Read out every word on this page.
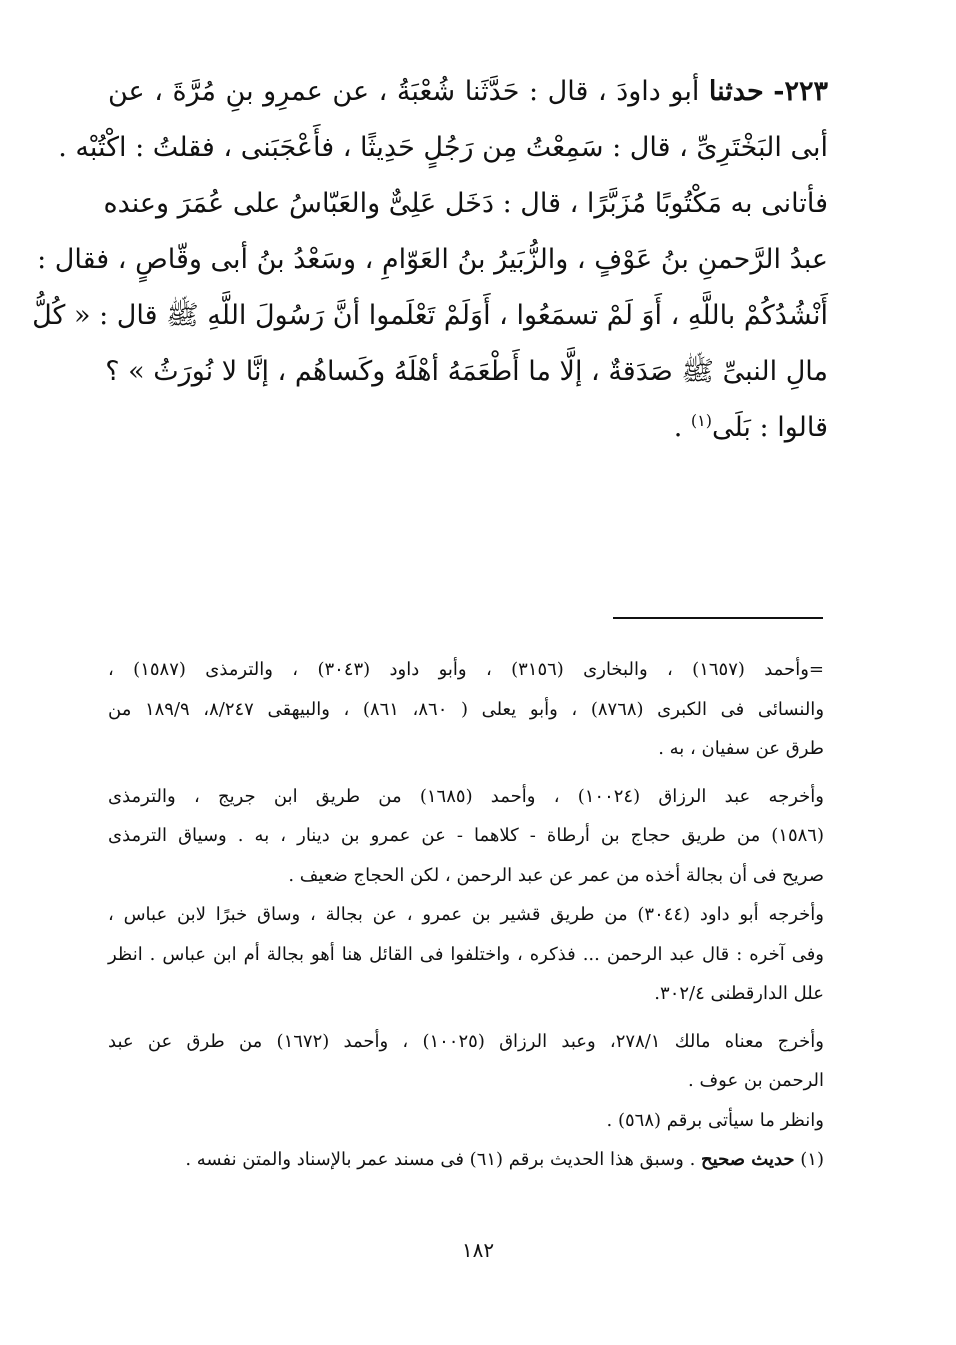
٢٢٣- حدثنا أبو داودَ ، قال : حَدَّثَنا شُعْبَةُ ، عن عمرِو بنِ مُرَّةَ ، عن
أبى البَخْتَرِىِّ ، قال : سَمِعْتُ مِن رَجُلٍ حَدِيثًا ، فأَعْجَبَنى ، فقلتُ : اكْتُبْه .
فأتانى به مَكْتُوبًا مُزَبَّرًا ، قال : دَخَل عَلِىٌّ والعَبّاسُ على عُمَرَ وعنده
عبدُ الرَّحمنِ بنُ عَوْفٍ ، والزُّبَيرُ بنُ العَوّامِ ، وسَعْدُ بنُ أبى وقّاصٍ ، فقال :
أَنْشُدُكُمْ باللَّهِ ، أَوَ لَمْ تسمَعُوا ، أَوَلَمْ تَعْلَموا أنَّ رَسُولَ اللَّهِ ﷺ قال : « كُلُّ
مالِ النبىِّ ﷺ صَدَقةٌ ، إلَّا ما أَطْعَمَهُ أهْلَهُ وكَساهُم ، إنَّا لا نُورَثُ » ؟
قالوا : بَلَى$^{(١)}$ .
=وأحمد (١٦٥٧) ، والبخارى (٣١٥٦) ، وأبو داود (٣٠٤٣) ، والترمذى (١٥٨٧) ،
والنسائى فى الكبرى (٨٧٦٨) ، وأبو يعلى ( ٨٦٠، ٨٦١) ، والبيهقى ٨/٢٤٧، ١٨٩/٩ من
طرق عن سفيان ، به .
وأخرجه عبد الرزاق (١٠٠٢٤) ، وأحمد (١٦٨٥) من طريق ابن جريج ، والترمذى
(١٥٨٦) من طريق حجاج بن أرطاة - كلاهما - عن عمرو بن دينار ، به . وسياق الترمذى
صريح فى أن بجالة أخذه من عمر عن عبد الرحمن ، لكن الحجاج ضعيف .
وأخرجه أبو داود (٣٠٤٤) من طريق قشير بن عمرو ، عن بجالة ، وساق خبرًا لابن عباس ،
وفى آخره : قال عبد الرحمن ... فذكره ، واختلفوا فى القائل هنا أهو بجالة أم ابن عباس . انظر
علل الدارقطنى ٣٠٢/٤.
وأخرج معناه مالك ٢٧٨/١، وعبد الرزاق (١٠٠٢٥) ، وأحمد (١٦٧٢) من طرق عن عبد
الرحمن بن عوف .
وانظر ما سيأتى برقم (٥٦٨) .
(١) حديث صحيح . وسبق هذا الحديث برقم (٦١) فى مسند عمر بالإسناد والمتن نفسه .
١٨٢
